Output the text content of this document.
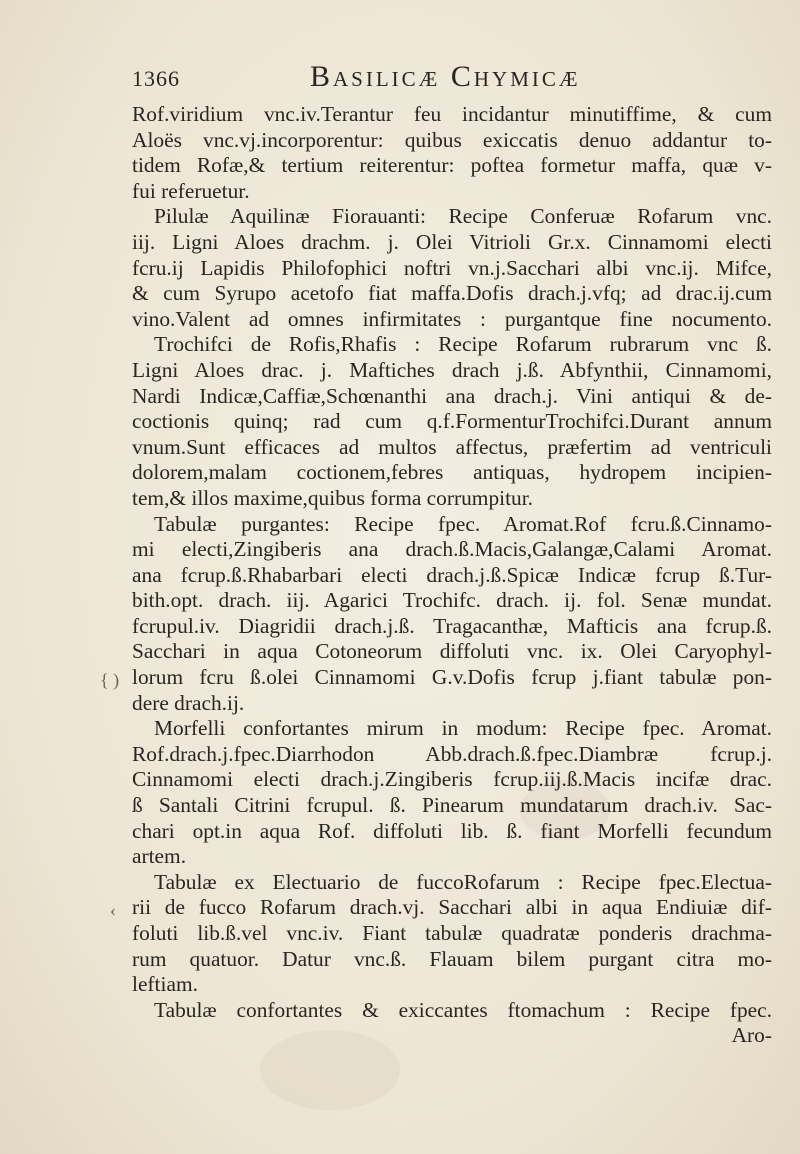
1366	Basilicæ Chymicæ
{ )
‹
Rof.viridium vnc.iv.Terantur feu incidantur minutiffime, & cum
Aloës vnc.vj.incorporentur: quibus exiccatis denuo addantur to-
tidem Rofæ,& tertium reiterentur: poftea formetur maffa, quæ v-
fui referuetur.
Pilulæ Aquilinæ Fiorauanti: Recipe Conferuæ Rofarum vnc.
iij. Ligni Aloes drachm. j. Olei Vitrioli Gr.x. Cinnamomi electi
fcru.ij Lapidis Philofophici noftri vn.j.Sacchari albi vnc.ij. Mifce,
& cum Syrupo acetofo fiat maffa.Dofis drach.j.vfq; ad drac.ij.cum
vino.Valent ad omnes infirmitates : purgantque fine nocumento.
Trochifci de Rofis,Rhafis : Recipe Rofarum rubrarum vnc ß.
Ligni Aloes drac. j. Maftiches drach j.ß. Abfynthii, Cinnamomi,
Nardi Indicæ,Caffiæ,Schœnanthi ana drach.j. Vini antiqui & de-
coctionis quinq; rad cum q.f.FormenturTrochifci.Durant annum
vnum.Sunt efficaces ad multos affectus, præfertim ad ventriculi
dolorem,malam coctionem,febres antiquas, hydropem incipien-
tem,& illos maxime,quibus forma corrumpitur.
Tabulæ purgantes: Recipe fpec. Aromat.Rof fcru.ß.Cinnamo-
mi electi,Zingiberis ana drach.ß.Macis,Galangæ,Calami Aromat.
ana fcrup.ß.Rhabarbari electi drach.j.ß.Spicæ Indicæ fcrup ß.Tur-
bith.opt. drach. iij. Agarici Trochifc. drach. ij. fol. Senæ mundat.
fcrupul.iv. Diagridii drach.j.ß. Tragacanthæ, Mafticis ana fcrup.ß.
Sacchari in aqua Cotoneorum diffoluti vnc. ix. Olei Caryophyl-
lorum fcru ß.olei Cinnamomi G.v.Dofis fcrup j.fiant tabulæ pon-
dere drach.ij.
Morfelli confortantes mirum in modum: Recipe fpec. Aromat.
Rof.drach.j.fpec.Diarrhodon Abb.drach.ß.fpec.Diambræ fcrup.j.
Cinnamomi electi drach.j.Zingiberis fcrup.iij.ß.Macis incifæ drac.
ß Santali Citrini fcrupul. ß. Pinearum mundatarum drach.iv. Sac-
chari opt.in aqua Rof. diffoluti lib. ß. fiant Morfelli fecundum
artem.
Tabulæ ex Electuario de fuccoRofarum : Recipe fpec.Electua-
rii de fucco Rofarum drach.vj. Sacchari albi in aqua Endiuiæ dif-
foluti lib.ß.vel vnc.iv. Fiant tabulæ quadratæ ponderis drachma-
rum quatuor. Datur vnc.ß. Flauam bilem purgant citra mo-
leftiam.
Tabulæ confortantes & exiccantes ftomachum : Recipe fpec.
Aro-
